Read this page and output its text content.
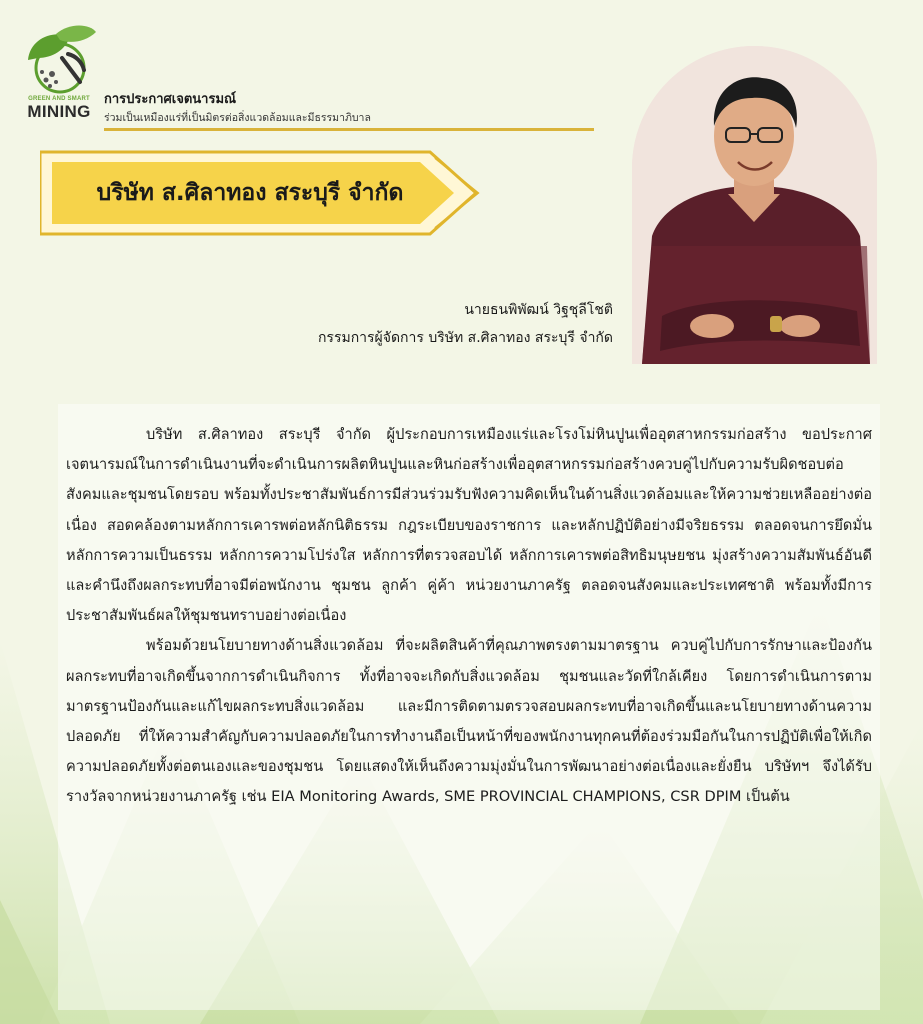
GREEN AND SMART
MINING
การประกาศเจตนารมณ์
ร่วมเป็นเหมืองแร่ที่เป็นมิตรต่อสิ่งแวดล้อมและมีธรรมาภิบาล
บริษัท ส.ศิลาทอง สระบุรี จำกัด
นายธนพิพัฒน์ วิฐชุลีโชติ
กรรมการผู้จัดการ บริษัท ส.ศิลาทอง สระบุรี จำกัด

บริษัท ส.ศิลาทอง สระบุรี จำกัด ผู้ประกอบการเหมืองแร่และโรงโม่หินปูนเพื่ออุตสาหกรรมก่อสร้าง ขอประกาศเจตนารมณ์ในการดำเนินงานที่จะดำเนินการผลิตหินปูนและหินก่อสร้างเพื่ออุตสาหกรรมก่อสร้างควบคู่ไปกับความรับผิดชอบต่อสังคมและชุมชนโดยรอบ พร้อมทั้งประชาสัมพันธ์การมีส่วนร่วมรับฟังความคิดเห็นในด้านสิ่งแวดล้อมและให้ความช่วยเหลืออย่างต่อเนื่อง สอดคล้องตามหลักการเคารพต่อหลักนิติธรรม กฎระเบียบของราชการ และหลักปฏิบัติอย่างมีจริยธรรม ตลอดจนการยึดมั่นหลักการความเป็นธรรม หลักการความโปร่งใส หลักการที่ตรวจสอบได้ หลักการเคารพต่อสิทธิมนุษยชน มุ่งสร้างความสัมพันธ์อันดีและคำนึงถึงผลกระทบที่อาจมีต่อพนักงาน ชุมชน ลูกค้า คู่ค้า หน่วยงานภาครัฐ ตลอดจนสังคมและประเทศชาติ พร้อมทั้งมีการประชาสัมพันธ์ผลให้ชุมชนทราบอย่างต่อเนื่อง

พร้อมด้วยนโยบายทางด้านสิ่งแวดล้อม ที่จะผลิตสินค้าที่คุณภาพตรงตามมาตรฐาน ควบคู่ไปกับการรักษาและป้องกันผลกระทบที่อาจเกิดขึ้นจากการดำเนินกิจการ ทั้งที่อาจจะเกิดกับสิ่งแวดล้อม ชุมชนและวัดที่ใกล้เคียง โดยการดำเนินการตามมาตรฐานป้องกันและแก้ไขผลกระทบสิ่งแวดล้อม และมีการติดตามตรวจสอบผลกระทบที่อาจเกิดขึ้นและนโยบายทางด้านความปลอดภัย ที่ให้ความสำคัญกับความปลอดภัยในการทำงานถือเป็นหน้าที่ของพนักงานทุกคนที่ต้องร่วมมือกันในการปฏิบัติเพื่อให้เกิดความปลอดภัยทั้งต่อตนเองและของชุมชน โดยแสดงให้เห็นถึงความมุ่งมั่นในการพัฒนาอย่างต่อเนื่องและยั่งยืน บริษัทฯ จึงได้รับรางวัลจากหน่วยงานภาครัฐ เช่น EIA Monitoring Awards, SME PROVINCIAL CHAMPIONS, CSR DPIM เป็นต้น
